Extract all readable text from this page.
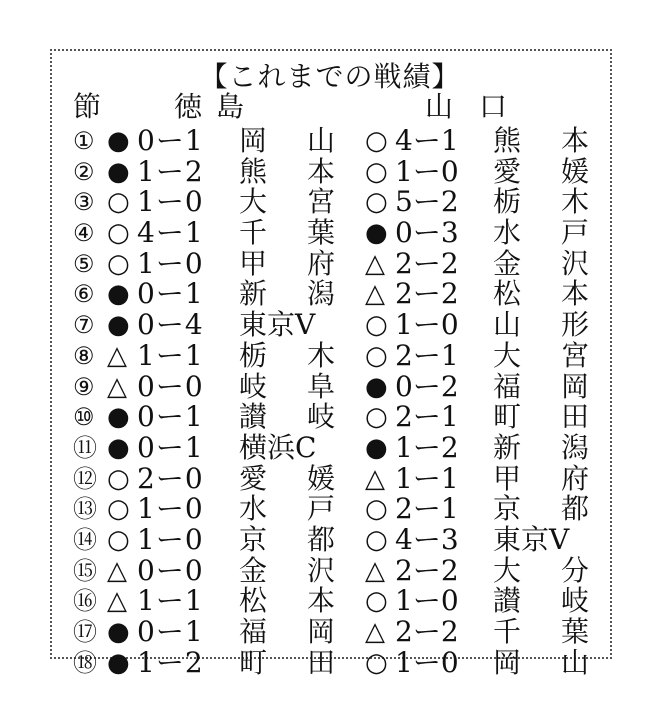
【これまでの戦績】
節	徳島	山口
① ● 0ー1	岡 山 ○ 4ー1 熊 本
② ● 1ー2	熊 本 ○ 1ー0 愛 媛
③ ○ 1ー0	大 宮 ○ 5ー2 栃 木
④ ○ 4ー1	千 葉 ● 0ー3 水 戸
⑤ ○ 1ー0	甲 府 △ 2ー2 金 沢
⑥ ● 0ー1	新 潟 △ 2ー2 松 本
⑦ ● 0ー4	東京V	○ 1ー0 山 形
⑧ △ 1ー1	栃 木 ○ 2ー1 大 宮
⑨ △ 0ー0	岐 阜 ● 0ー2 福 岡
⑩ ● 0ー1	讃 岐 ○ 2ー1 町 田
⑪ ● 0ー1	横浜C	● 1ー2 新 潟
⑫ ○ 2ー0	愛 媛 △ 1ー1 甲 府
⑬ ○ 1ー0	水 戸 ○ 2ー1 京 都
⑭ ○ 1ー0	京 都 ○ 4ー3 東京V
⑮ △ 0ー0	金 沢 △ 2ー2 大 分
⑯ △ 1ー1	松 本 ○ 1ー0 讃 岐
⑰ ● 0ー1	福 岡 △ 2ー2 千 葉
⑱ ● 1ー2	町 田 ○ 1ー0 岡 山
